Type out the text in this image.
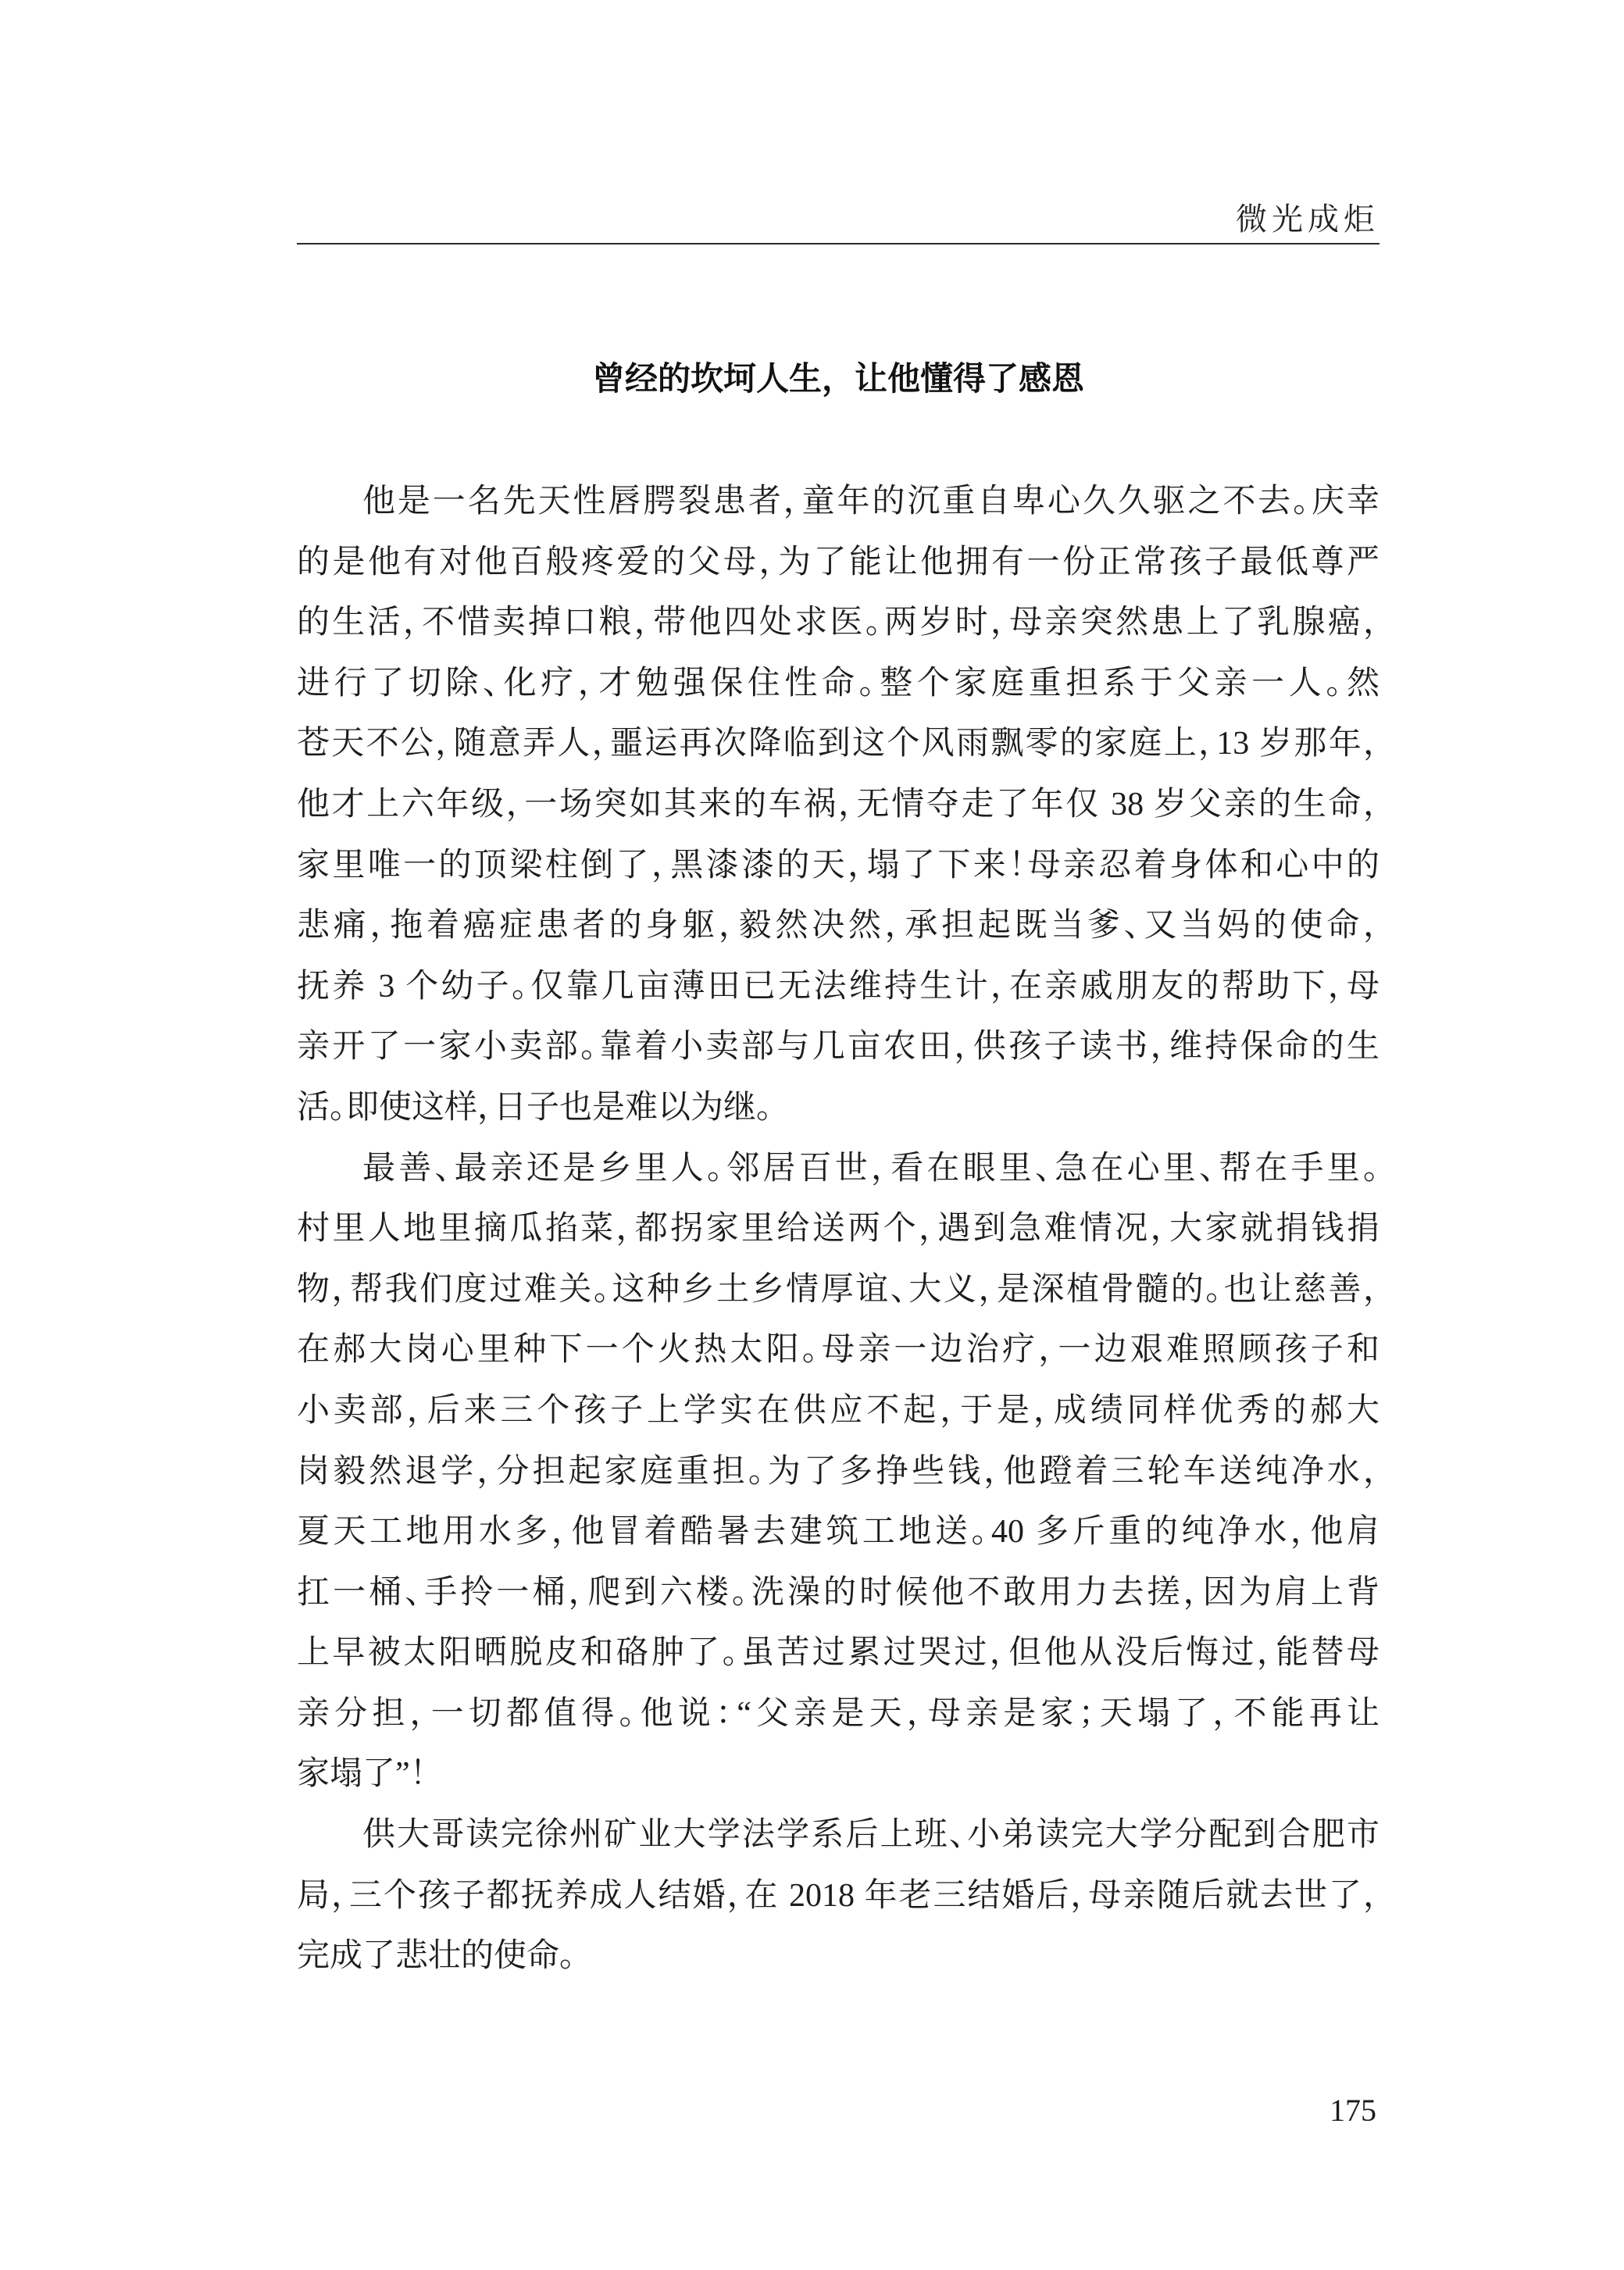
微光成炬
曾经的坎坷人生，让他懂得了感恩
他是一名先天性唇腭裂患者，童年的沉重自卑心久久驱之不去。庆幸
的是他有对他百般疼爱的父母，为了能让他拥有一份正常孩子最低尊严
的生活，不惜卖掉口粮，带他四处求医。两岁时，母亲突然患上了乳腺癌，
进行了切除、化疗，才勉强保住性命。整个家庭重担系于父亲一人。然
苍天不公，随意弄人，噩运再次降临到这个风雨飘零的家庭上，13 岁那年，
他才上六年级，一场突如其来的车祸，无情夺走了年仅 38 岁父亲的生命，
家里唯一的顶梁柱倒了，黑漆漆的天，塌了下来！母亲忍着身体和心中的
悲痛，拖着癌症患者的身躯，毅然决然，承担起既当爹、又当妈的使命，
抚养 3 个幼子。仅靠几亩薄田已无法维持生计，在亲戚朋友的帮助下，母
亲开了一家小卖部。靠着小卖部与几亩农田，供孩子读书，维持保命的生
活。即使这样，日子也是难以为继。
最善、最亲还是乡里人。邻居百世，看在眼里、急在心里、帮在手里。
村里人地里摘瓜掐菜，都拐家里给送两个，遇到急难情况，大家就捐钱捐
物，帮我们度过难关。这种乡土乡情厚谊、大义，是深植骨髓的。也让慈善，
在郝大岗心里种下一个火热太阳。母亲一边治疗，一边艰难照顾孩子和
小卖部，后来三个孩子上学实在供应不起，于是，成绩同样优秀的郝大
岗毅然退学，分担起家庭重担。为了多挣些钱，他蹬着三轮车送纯净水，
夏天工地用水多，他冒着酷暑去建筑工地送。40 多斤重的纯净水，他肩
扛一桶、手拎一桶，爬到六楼。洗澡的时候他不敢用力去搓，因为肩上背
上早被太阳晒脱皮和硌肿了。虽苦过累过哭过，但他从没后悔过，能替母
亲分担，一切都值得。他说：“父亲是天，母亲是家；天塌了，不能再让
家塌了”！
供大哥读完徐州矿业大学法学系后上班、小弟读完大学分配到合肥市
局，三个孩子都抚养成人结婚，在 2018 年老三结婚后，母亲随后就去世了，
完成了悲壮的使命。
175
